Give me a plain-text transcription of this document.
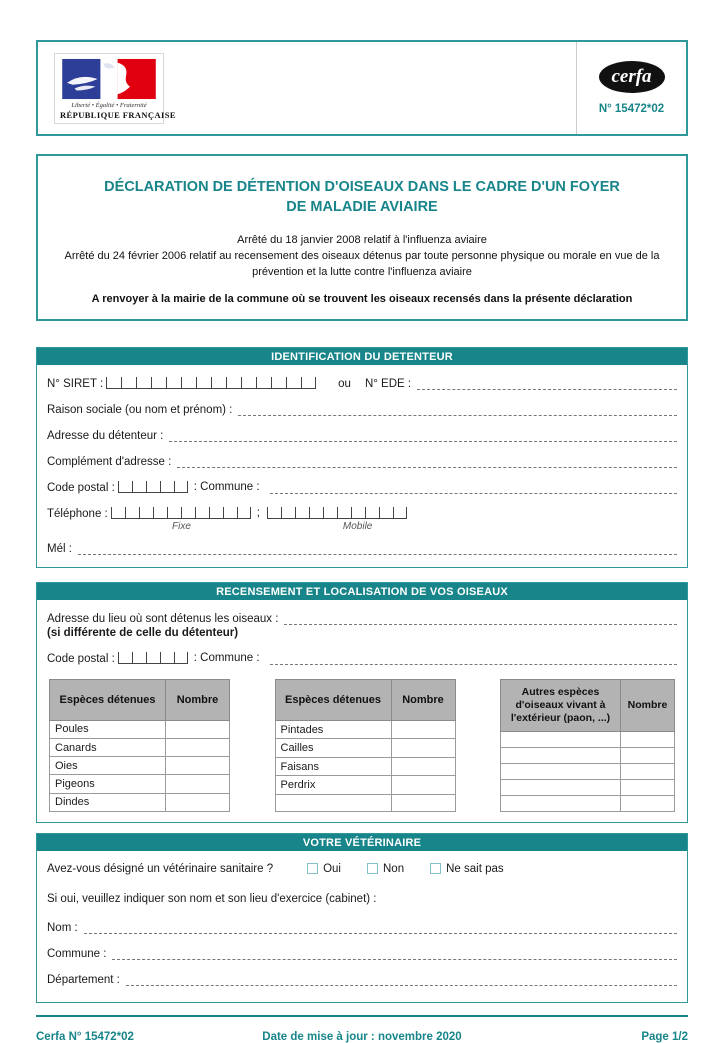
Liberté • Égalité • Fraternité
RÉPUBLIQUE FRANÇAISE
cerfa
N° 15472*02
DÉCLARATION DE DÉTENTION D'OISEAUX DANS LE CADRE D'UN FOYER
DE MALADIE AVIAIRE
Arrêté du 18 janvier 2008 relatif à l'influenza aviaire
Arrêté du 24 février 2006 relatif au recensement des oiseaux détenus par toute personne physique ou morale en vue de la prévention et la lutte contre l'influenza aviaire
A renvoyer à la mairie de la commune où se trouvent les oiseaux recensés dans la présente déclaration
IDENTIFICATION DU DETENTEUR
N° SIRET :	ou N° EDE :
Raison sociale (ou nom et prénom) :
Adresse du détenteur :
Complément d'adresse :
Code postal :	: Commune :
Téléphone :	;
Fixe	Mobile
Mél :
RECENSEMENT ET LOCALISATION DE VOS OISEAUX
Adresse du lieu où sont détenus les oiseaux :
(si différente de celle du détenteur)
Code postal :	: Commune :
Espèces détenues	Nombre
Poules	
Canards	
Oies	
Pigeons	
Dindes	
Espèces détenues	Nombre
Pintades	
Cailles	
Faisans	
Perdrix	

Autres espèces d'oiseaux vivant à l'extérieur (paon, ...)	Nombre

VOTRE VÉTÉRINAIRE
Avez-vous désigné un vétérinaire sanitaire ?	Oui	Non	Ne sait pas
Si oui, veuillez indiquer son nom et son lieu d'exercice (cabinet) :
Nom :
Commune :
Département :
Cerfa N° 15472*02	Date de mise à jour : novembre 2020	Page 1/2
